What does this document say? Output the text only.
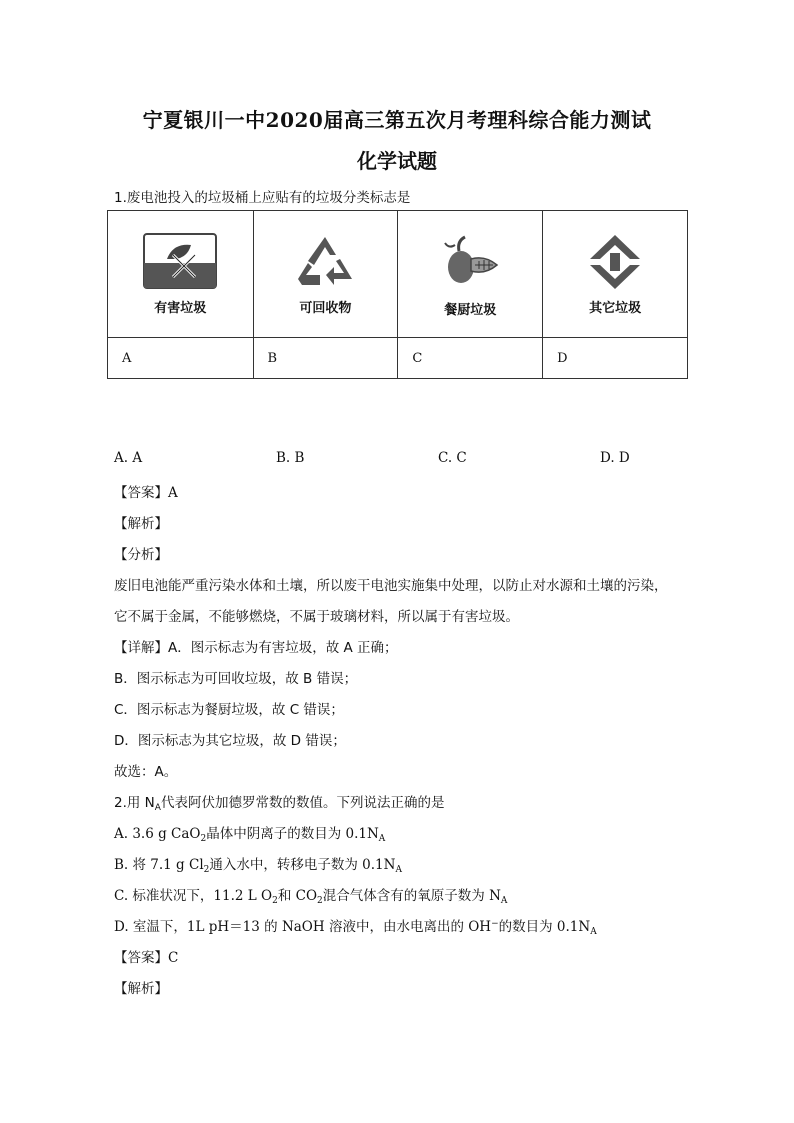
宁夏银川一中2020届高三第五次月考理科综合能力测试
化学试题
1.废电池投入的垃圾桶上应贴有的垃圾分类标志是
有害垃圾	可回收物	餐厨垃圾	其它垃圾

A	B	C	D
A. A	B. B	C. C	D. D
【答案】A
【解析】
【分析】
废旧电池能严重污染水体和土壤，所以废干电池实施集中处理，以防止对水源和土壤的污染，
它不属于金属，不能够燃烧，不属于玻璃材料，所以属于有害垃圾。
【详解】A．图示标志为有害垃圾，故 A 正确；
B．图示标志为可回收垃圾，故 B 错误；
C．图示标志为餐厨垃圾，故 C 错误；
D．图示标志为其它垃圾，故 D 错误；
故选：A。
2.用 $N_A$代表阿伏加德罗常数的数值。下列说法正确的是
A. 3.6 g CaO$_2$晶体中阴离子的数目为 $0.1N_A$
B. 将 7.1 g $Cl_2$通入水中，转移电子数为 $0.1N_A$
C. 标准状况下，11.2 L $O_2$和 $CO_2$混合气体含有的氧原子数为 $N_A$
D. 室温下，1L pH＝13 的 NaOH 溶液中，由水电离出的 OH−的数目为 $0.1N_A$
【答案】C
【解析】
